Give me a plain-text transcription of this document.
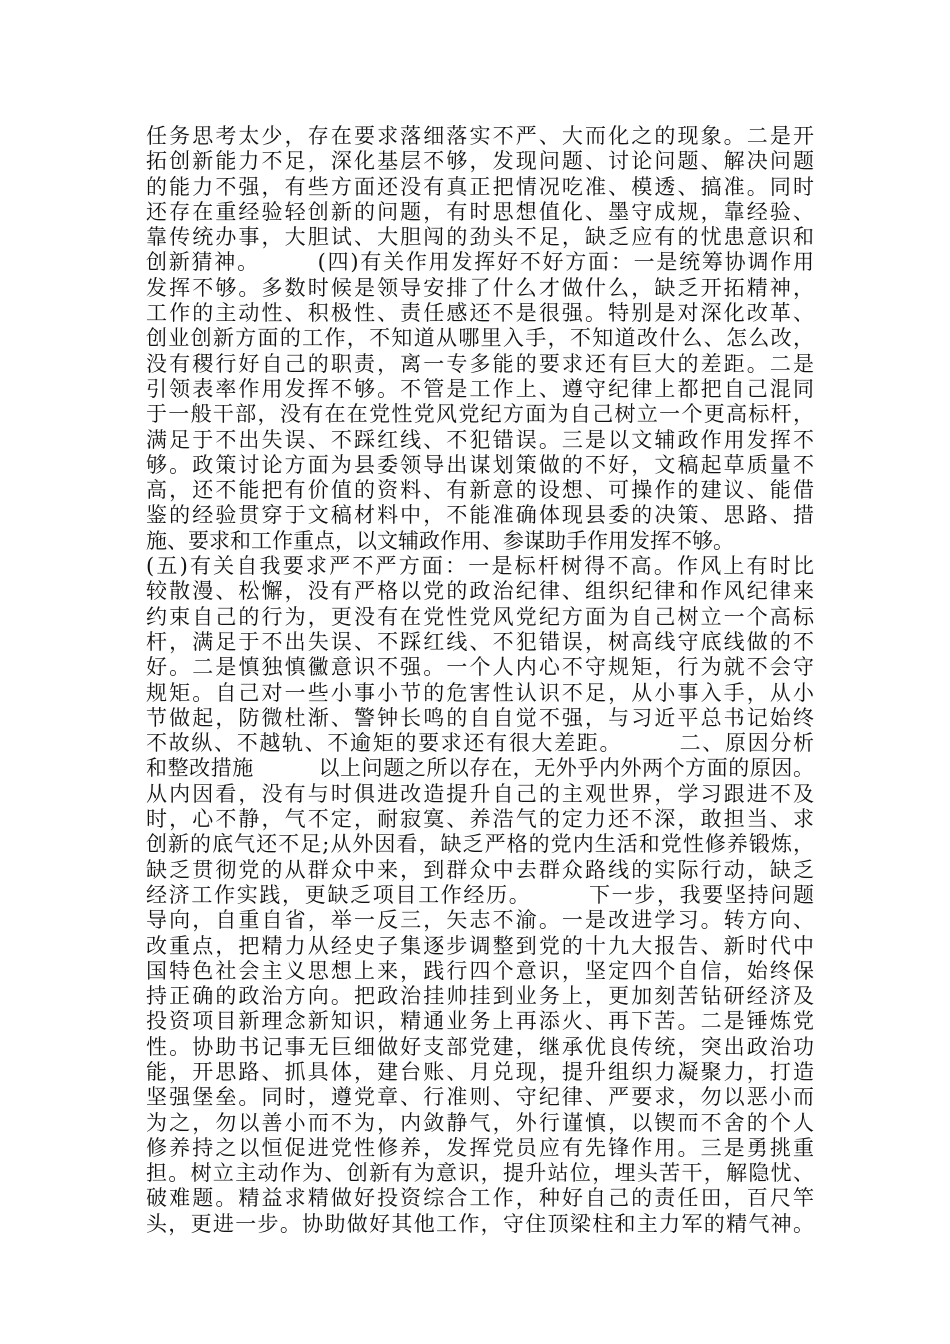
任务思考太少，存在要求落细落实不严、大而化之的现象。二是开
拓创新能力不足，深化基层不够，发现问题、讨论问题、解决问题
的能力不强，有些方面还没有真正把情况吃准、模透、搞准。同时
还存在重经验轻创新的问题，有时思想值化、墨守成规，靠经验、
靠传统办事，大胆试、大胆闯的劲头不足，缺乏应有的忧患意识和
创新猜神。　　　(四)有关作用发挥好不好方面：一是统筹协调作用
发挥不够。多数时候是领导安排了什么才做什么，缺乏开拓精神，
工作的主动性、积极性、责任感还不是很强。特别是对深化改革、
创业创新方面的工作，不知道从哪里入手，不知道改什么、怎么改，
没有稷行好自己的职责，离一专多能的要求还有巨大的差距。二是
引领表率作用发挥不够。不管是工作上、遵守纪律上都把自己混同
于一般干部，没有在在党性党风党纪方面为自己树立一个更高标杆，
满足于不出失误、不踩红线、不犯错误。三是以文辅政作用发挥不
够。政策讨论方面为县委领导出谋划策做的不好，文稿起草质量不
高，还不能把有价值的资料、有新意的设想、可操作的建议、能借
鉴的经验贯穿于文稿材料中，不能准确体现县委的决策、思路、措
施、要求和工作重点，以文辅政作用、参谋助手作用发挥不够。
(五)有关自我要求严不严方面：一是标杆树得不高。作风上有时比
较散漫、松懈，没有严格以党的政治纪律、组织纪律和作风纪律来
约束自己的行为，更没有在党性党风党纪方面为自己树立一个高标
杆，满足于不出失误、不踩红线、不犯错误，树高线守底线做的不
好。二是慎独慎黴意识不强。一个人内心不守规矩，行为就不会守
规矩。自己对一些小事小节的危害性认识不足，从小事入手，从小
节做起，防微杜渐、警钟长鸣的自自觉不强，与习近平总书记始终
不故纵、不越轨、不逾矩的要求还有很大差距。　　　二、原因分析
和整改措施　　　以上问题之所以存在，无外乎内外两个方面的原因。
从内因看，没有与时俱进改造提升自己的主观世界，学习跟进不及
时，心不静，气不定，耐寂寞、养浩气的定力还不深，敢担当、求
创新的底气还不足;从外因看，缺乏严格的党内生活和党性修养锻炼，
缺乏贯彻党的从群众中来，到群众中去群众路线的实际行动，缺乏
经济工作实践，更缺乏项目工作经历。　　　下一步，我要坚持问题
导向，自重自省，举一反三，矢志不渝。一是改进学习。转方向、
改重点，把精力从经史子集逐步调整到党的十九大报告、新时代中
国特色社会主义思想上来，践行四个意识，坚定四个自信，始终保
持正确的政治方向。把政治挂帅挂到业务上，更加刻苦钻研经济及
投资项目新理念新知识，精通业务上再添火、再下苦。二是锤炼党
性。协助书记事无巨细做好支部党建，继承优良传统，突出政治功
能，开思路、抓具体，建台账、月兑现，提升组织力凝聚力，打造
坚强堡垒。同时，遵党章、行准则、守纪律、严要求，勿以恶小而
为之，勿以善小而不为，内敛静气，外行谨慎，以锲而不舍的个人
修养持之以恒促进党性修养，发挥党员应有先锋作用。三是勇挑重
担。树立主动作为、创新有为意识，提升站位，埋头苦干，解隐忧、
破难题。精益求精做好投资综合工作，种好自己的责任田，百尺竿
头，更进一步。协助做好其他工作，守住顶梁柱和主力军的精气神。
